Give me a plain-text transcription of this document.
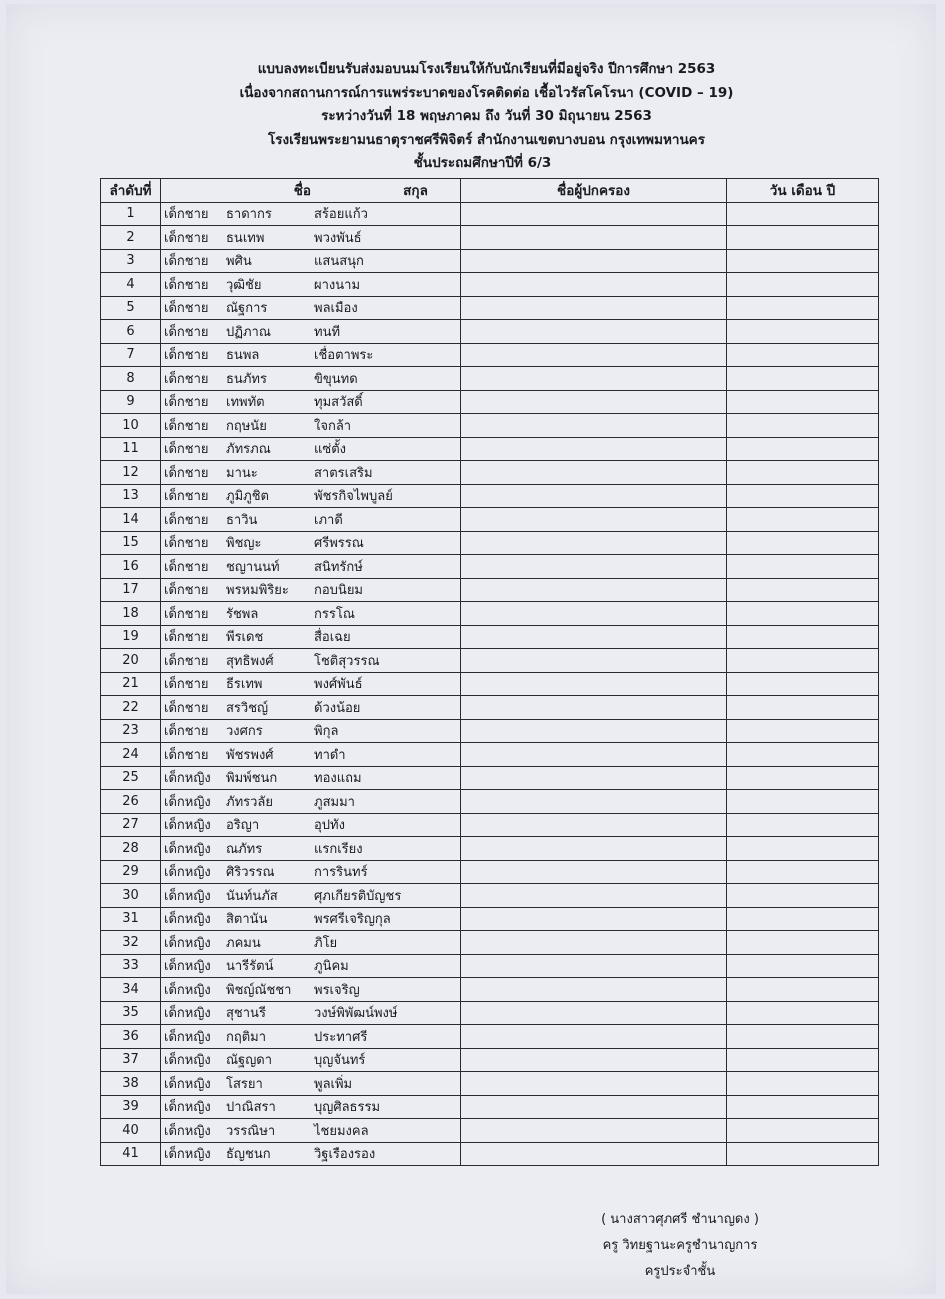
แบบลงทะเบียนรับส่งมอบนมโรงเรียนให้กับนักเรียนที่มีอยู่จริง ปีการศึกษา 2563
เนื่องจากสถานการณ์การแพร่ระบาดของโรคติดต่อ เชื้อไวรัสโคโรนา (COVID – 19)
ระหว่างวันที่ 18 พฤษภาคม ถึง วันที่ 30 มิถุนายน 2563
โรงเรียนพระยามนธาตุราชศรีพิจิตร์ สำนักงานเขตบางบอน กรุงเทพมหานคร
ชั้นประถมศึกษาปีที่ 6/3
ลำดับที่	ชื่อ สกุล	ชื่อผู้ปกครอง	วัน เดือน ปี
1	เด็กชาย ธาดากร สร้อยแก้ว		

2	เด็กชาย ธนเทพ พวงพันธ์		

3	เด็กชาย พศิน แสนสนุก		

4	เด็กชาย วุฒิชัย ผางนาม		

5	เด็กชาย ณัฐการ พลเมือง		

6	เด็กชาย ปฏิภาณ ทนที		

7	เด็กชาย ธนพล เชื่อตาพระ		

8	เด็กชาย ธนภัทร ขิขุนทด		

9	เด็กชาย เทพทัต ทุมสวัสดิ์		

10	เด็กชาย กฤษนัย ใจกล้า		

11	เด็กชาย ภัทรภณ แซ่ตั้ง		

12	เด็กชาย มานะ สาตรเสริม		

13	เด็กชาย ภูมิภูชิต พัชรกิจไพบูลย์		

14	เด็กชาย ธาวิน เภาดี		

15	เด็กชาย พิชญะ ศรีพรรณ		

16	เด็กชาย ชญานนท์ สนิทรักษ์		

17	เด็กชาย พรหมพิริยะ กอบนิยม		

18	เด็กชาย รัชพล กรรโณ		

19	เด็กชาย พีรเดช สื่อเฉย		

20	เด็กชาย สุทธิพงศ์ โชติสุวรรณ		

21	เด็กชาย ธีรเทพ พงศ์พันธ์		

22	เด็กชาย สรวิชญ์ ด้วงน้อย		

23	เด็กชาย วงศกร พิกุล		

24	เด็กชาย พัชรพงศ์ ทาดำ		

25	เด็กหญิง พิมพ์ชนก ทองแถม		

26	เด็กหญิง ภัทรวลัย ภูสมมา		

27	เด็กหญิง อริญา อุปทัง		

28	เด็กหญิง ณภัทร แรกเรียง		

29	เด็กหญิง ศิริวรรณ การรินทร์		

30	เด็กหญิง นันท์นภัส ศุภเกียรติบัญชร		

31	เด็กหญิง สิตานัน พรศรีเจริญกุล		

32	เด็กหญิง ภคมน ภิโย		

33	เด็กหญิง นารีรัตน์ ภูนิคม		

34	เด็กหญิง พิชญ์ณัชชา พรเจริญ		

35	เด็กหญิง สุชานรี วงษ์พิพัฒน์พงษ์		

36	เด็กหญิง กฤติมา ประทาศรี		

37	เด็กหญิง ณัฐญดา บุญจันทร์		

38	เด็กหญิง โสรยา พูลเพิ่ม		

39	เด็กหญิง ปาณิสรา บุญศิลธรรม		

40	เด็กหญิง วรรณิษา ไชยมงคล		

41	เด็กหญิง ธัญชนก วิฐเรืองรอง		

( นางสาวศุภศรี ชำนาญดง )
ครู วิทยฐานะครูชำนาญการ
ครูประจำชั้น
